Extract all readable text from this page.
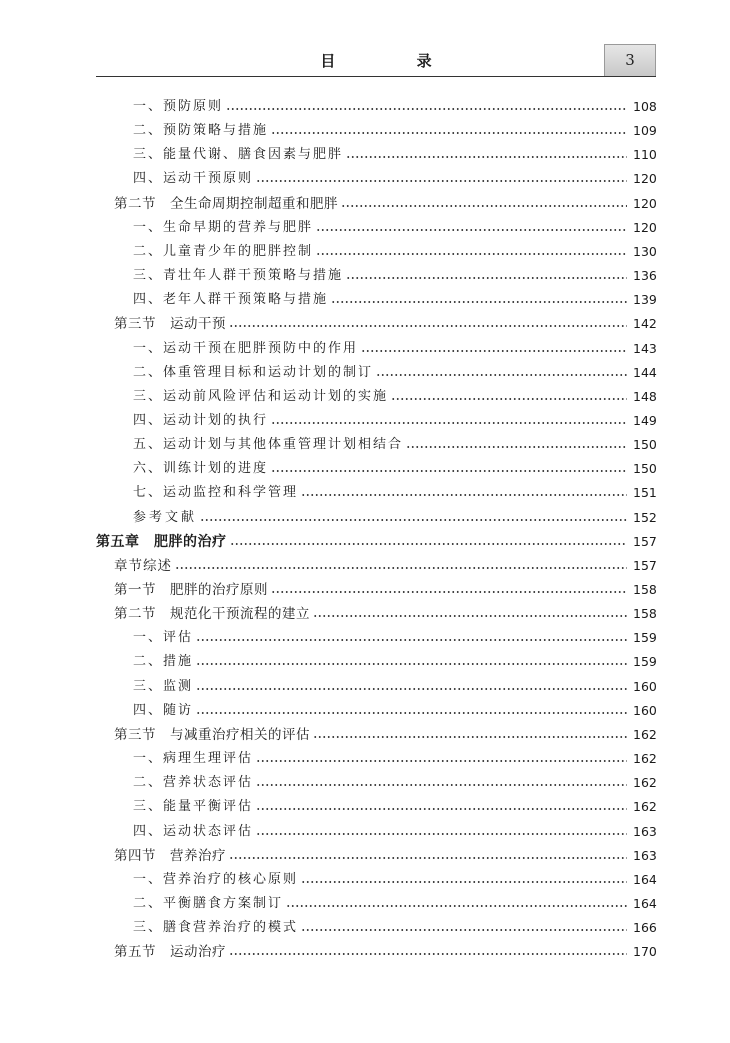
目 录	3
一、预防原则	108
二、预防策略与措施	109
三、能量代谢、膳食因素与肥胖	110
四、运动干预原则	120
第二节　全生命周期控制超重和肥胖	120
一、生命早期的营养与肥胖	120
二、儿童青少年的肥胖控制	130
三、青壮年人群干预策略与措施	136
四、老年人群干预策略与措施	139
第三节　运动干预	142
一、运动干预在肥胖预防中的作用	143
二、体重管理目标和运动计划的制订	144
三、运动前风险评估和运动计划的实施	148
四、运动计划的执行	149
五、运动计划与其他体重管理计划相结合	150
六、训练计划的进度	150
七、运动监控和科学管理	151
参考文献	152
第五章　肥胖的治疗	157
章节综述	157
第一节　肥胖的治疗原则	158
第二节　规范化干预流程的建立	158
一、评估	159
二、措施	159
三、监测	160
四、随访	160
第三节　与减重治疗相关的评估	162
一、病理生理评估	162
二、营养状态评估	162
三、能量平衡评估	162
四、运动状态评估	163
第四节　营养治疗	163
一、营养治疗的核心原则	164
二、平衡膳食方案制订	164
三、膳食营养治疗的模式	166
第五节　运动治疗	170
